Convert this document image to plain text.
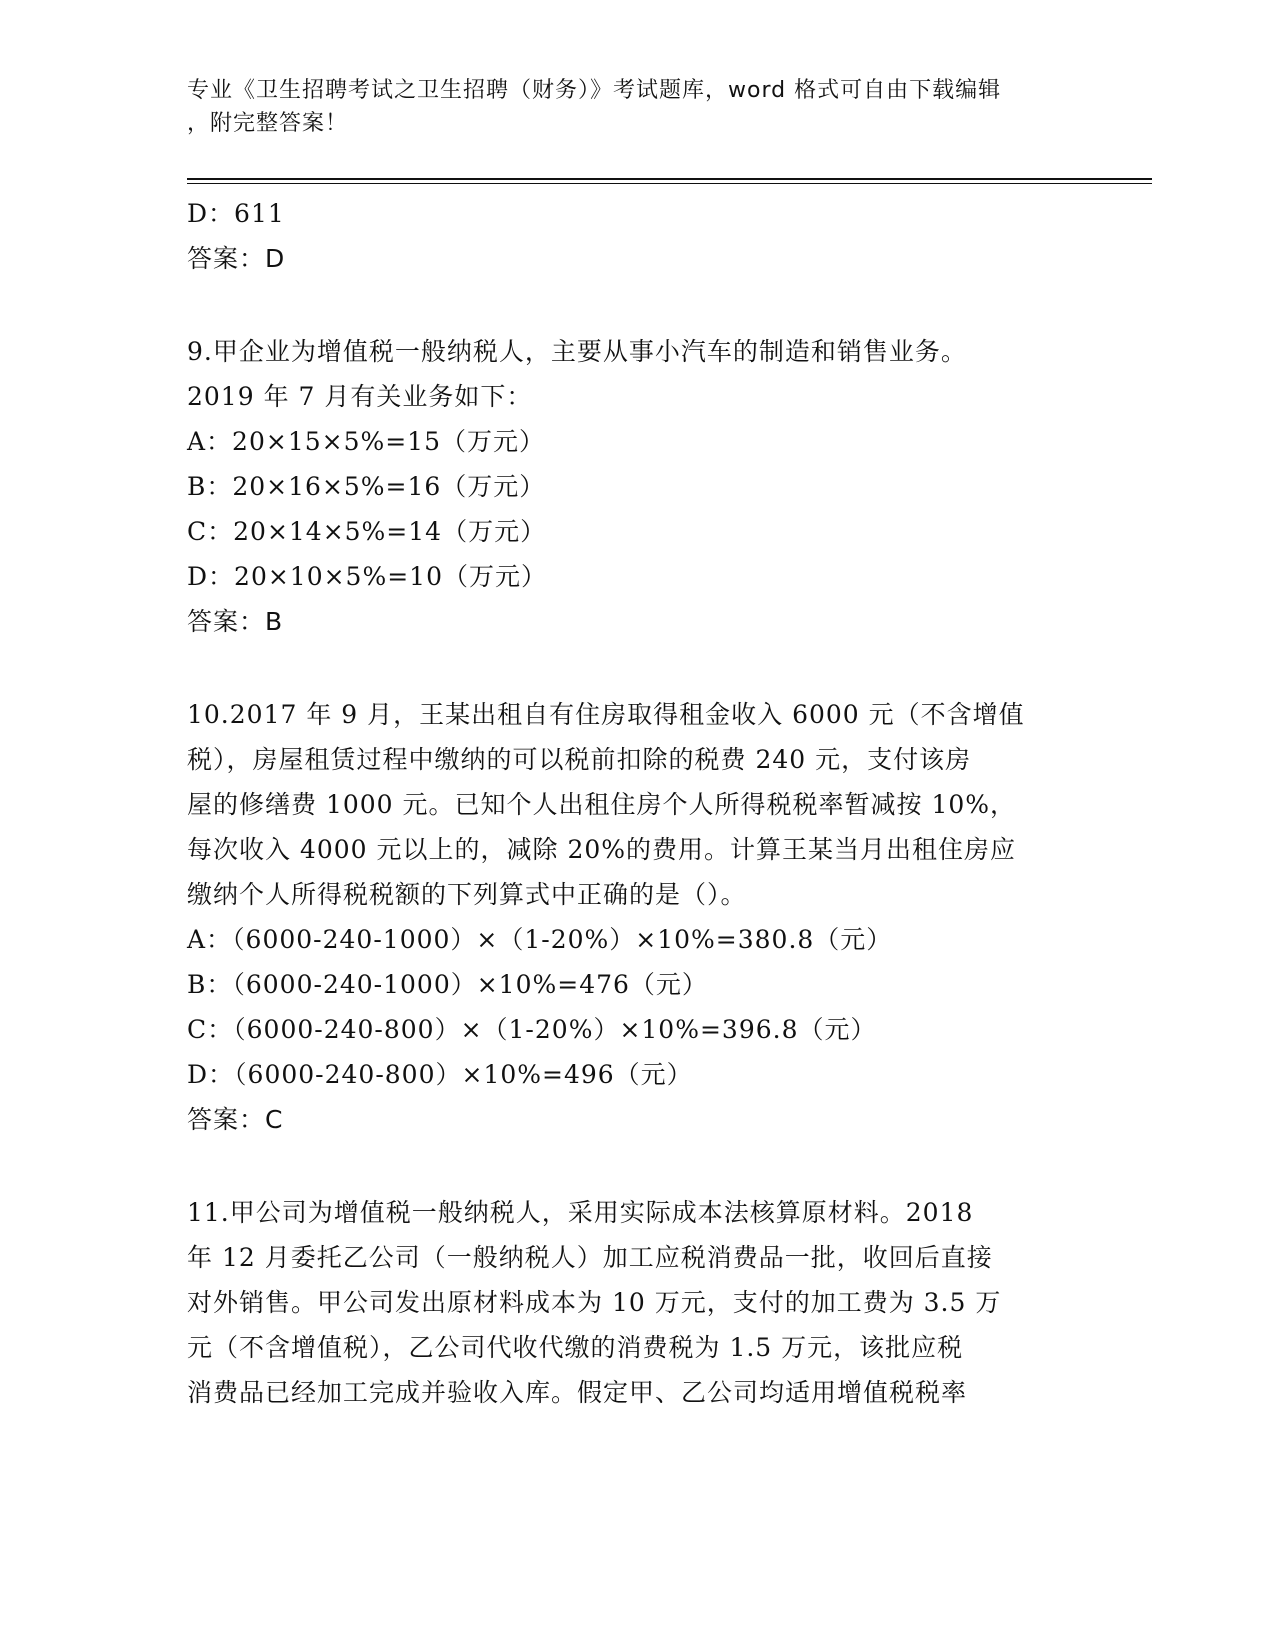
专业《卫生招聘考试之卫生招聘（财务）》考试题库，word 格式可自由下载编辑
，附完整答案！
D：611
答案：D
9.甲企业为增值税一般纳税人，主要从事小汽车的制造和销售业务。
2019 年 7 月有关业务如下：
A：20×15×5%=15（万元）
B：20×16×5%=16（万元）
C：20×14×5%=14（万元）
D：20×10×5%=10（万元）
答案：B
10.2017 年 9 月，王某出租自有住房取得租金收入 6000 元（不含增值
税），房屋租赁过程中缴纳的可以税前扣除的税费 240 元，支付该房
屋的修缮费 1000 元。已知个人出租住房个人所得税税率暂减按 10%，
每次收入 4000 元以上的，减除 20%的费用。计算王某当月出租住房应
缴纳个人所得税税额的下列算式中正确的是（）。
A：（6000-240-1000）×（1-20%）×10%=380.8（元）
B：（6000-240-1000）×10%=476（元）
C：（6000-240-800）×（1-20%）×10%=396.8（元）
D：（6000-240-800）×10%=496（元）
答案：C
11.甲公司为增值税一般纳税人，采用实际成本法核算原材料。2018
年 12 月委托乙公司（一般纳税人）加工应税消费品一批，收回后直接
对外销售。甲公司发出原材料成本为 10 万元，支付的加工费为 3.5 万
元（不含增值税），乙公司代收代缴的消费税为 1.5 万元，该批应税
消费品已经加工完成并验收入库。假定甲、乙公司均适用增值税税率
